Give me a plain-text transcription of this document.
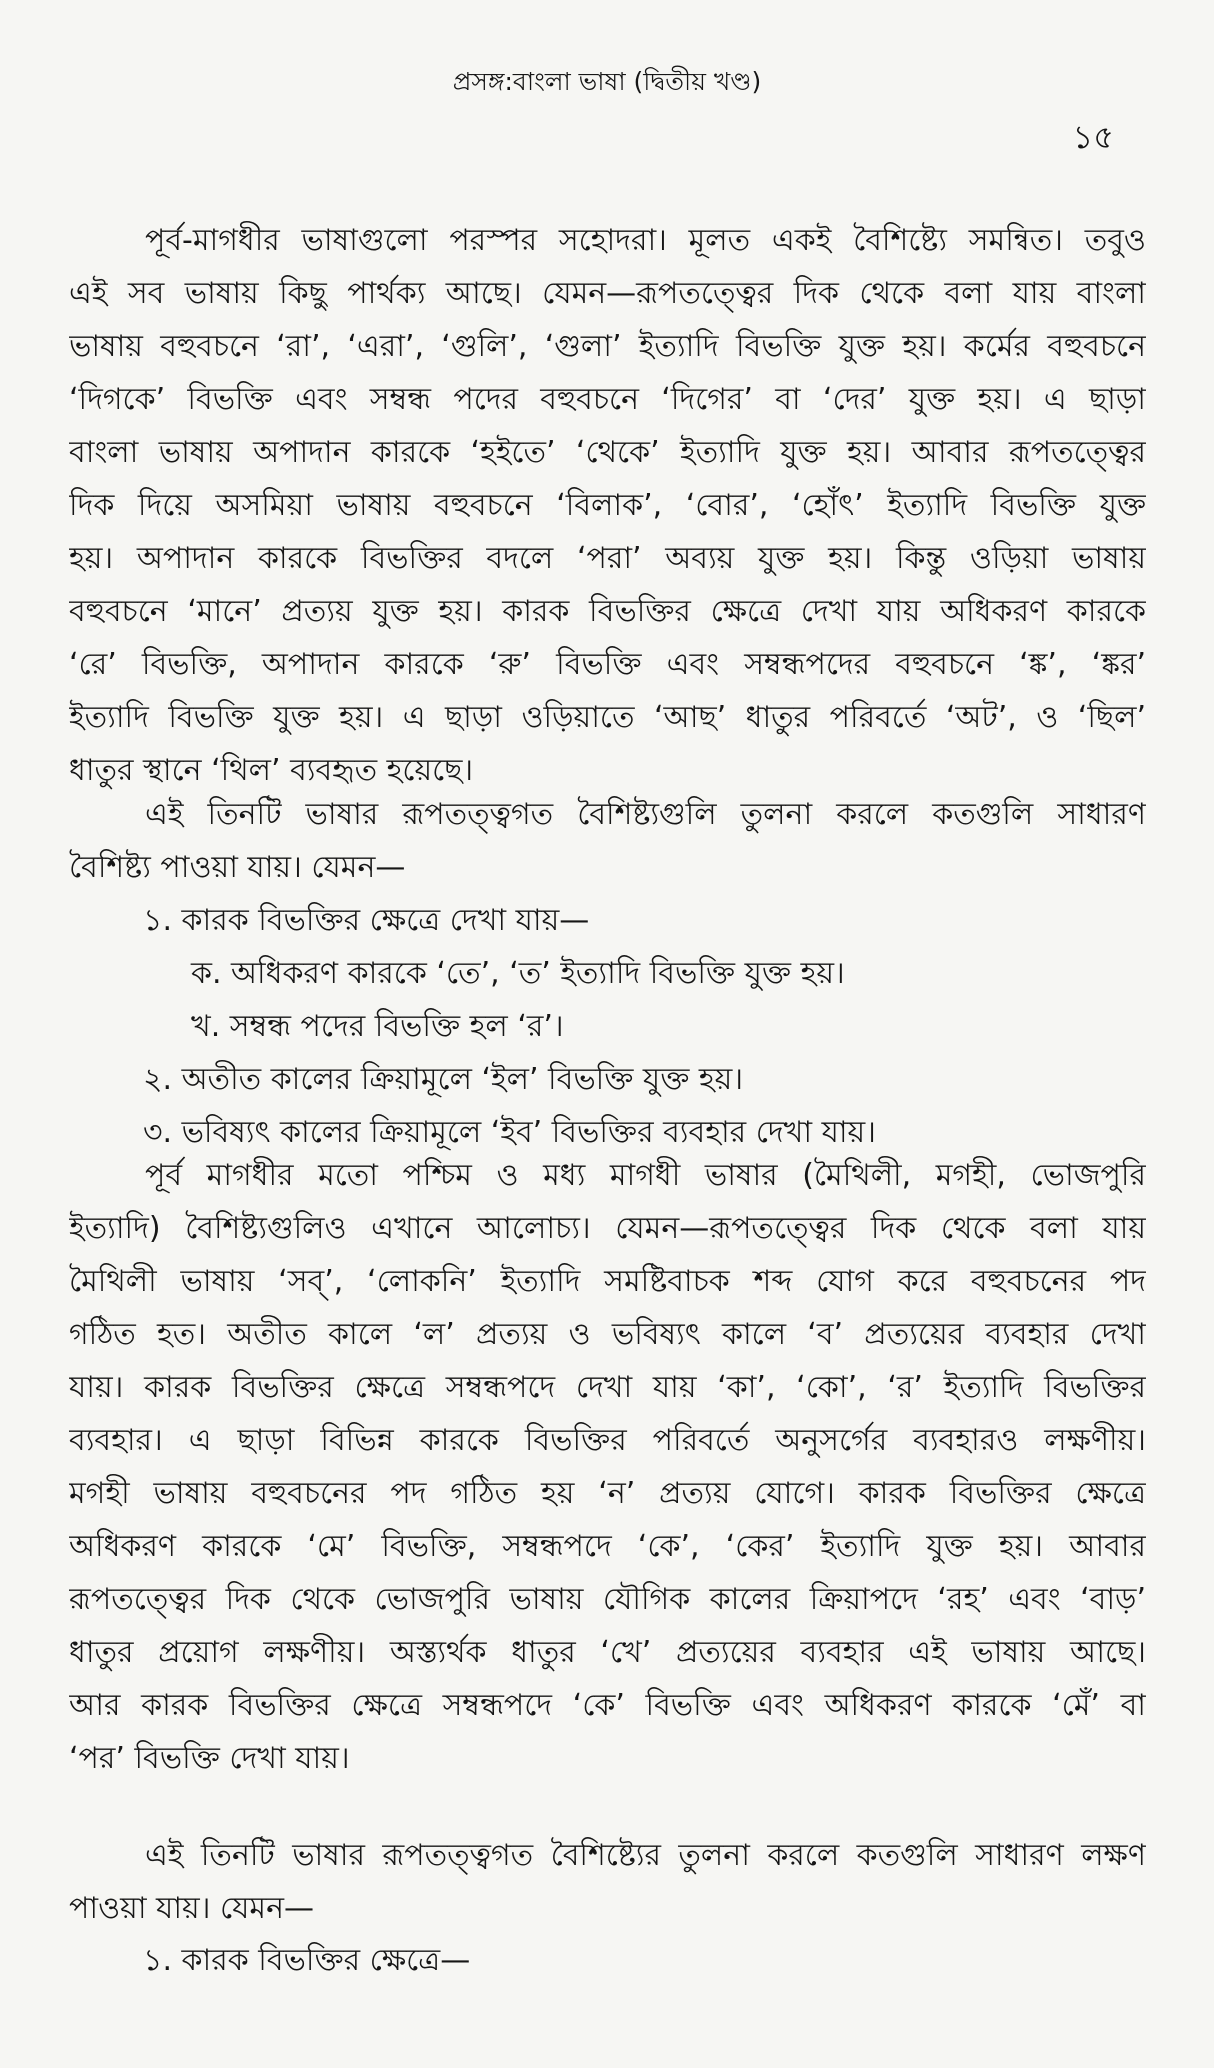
প্রসঙ্গ:বাংলা ভাষা (দ্বিতীয় খণ্ড)
১৫
পূর্ব-মাগধীর ভাষাগুলো পরস্পর সহোদরা। মূলত একই বৈশিষ্ট্যে সমন্বিত। তবুও
এই সব ভাষায় কিছু পার্থক্য আছে। যেমন—রূপতত্ত্বের দিক থেকে বলা যায় বাংলা
ভাষায় বহুবচনে ‘রা’, ‘এরা’, ‘গুলি’, ‘গুলা’ ইত্যাদি বিভক্তি যুক্ত হয়। কর্মের বহুবচনে
‘দিগকে’ বিভক্তি এবং সম্বন্ধ পদের বহুবচনে ‘দিগের’ বা ‘দের’ যুক্ত হয়। এ ছাড়া
বাংলা ভাষায় অপাদান কারকে ‘হইতে’ ‘থেকে’ ইত্যাদি যুক্ত হয়। আবার রূপতত্ত্বের
দিক দিয়ে অসমিয়া ভাষায় বহুবচনে ‘বিলাক’, ‘বোর’, ‘হোঁৎ’ ইত্যাদি বিভক্তি যুক্ত
হয়। অপাদান কারকে বিভক্তির বদলে ‘পরা’ অব্যয় যুক্ত হয়। কিন্তু ওড়িয়া ভাষায়
বহুবচনে ‘মানে’ প্রত্যয় যুক্ত হয়। কারক বিভক্তির ক্ষেত্রে দেখা যায় অধিকরণ কারকে
‘রে’ বিভক্তি, অপাদান কারকে ‘রু’ বিভক্তি এবং সম্বন্ধপদের বহুবচনে ‘ঙ্ক’, ‘ঙ্কর’
ইত্যাদি বিভক্তি যুক্ত হয়। এ ছাড়া ওড়িয়াতে ‘আছ’ ধাতুর পরিবর্তে ‘অট’, ও ‘ছিল’
ধাতুর স্থানে ‘থিল’ ব্যবহৃত হয়েছে।
এই তিনটি ভাষার রূপতত্ত্বগত বৈশিষ্ট্যগুলি তুলনা করলে কতগুলি সাধারণ
বৈশিষ্ট্য পাওয়া যায়। যেমন—
১. কারক বিভক্তির ক্ষেত্রে দেখা যায়—
ক. অধিকরণ কারকে ‘তে’, ‘ত’ ইত্যাদি বিভক্তি যুক্ত হয়।
খ. সম্বন্ধ পদের বিভক্তি হল ‘র’।
২. অতীত কালের ক্রিয়ামূলে ‘ইল’ বিভক্তি যুক্ত হয়।
৩. ভবিষ্যৎ কালের ক্রিয়ামূলে ‘ইব’ বিভক্তির ব্যবহার দেখা যায়।
পূর্ব মাগধীর মতো পশ্চিম ও মধ্য মাগধী ভাষার (মৈথিলী, মগহী, ভোজপুরি
ইত্যাদি) বৈশিষ্ট্যগুলিও এখানে আলোচ্য। যেমন—রূপতত্ত্বের দিক থেকে বলা যায়
মৈথিলী ভাষায় ‘সব্’, ‘লোকনি’ ইত্যাদি সমষ্টিবাচক শব্দ যোগ করে বহুবচনের পদ
গঠিত হত। অতীত কালে ‘ল’ প্রত্যয় ও ভবিষ্যৎ কালে ‘ব’ প্রত্যয়ের ব্যবহার দেখা
যায়। কারক বিভক্তির ক্ষেত্রে সম্বন্ধপদে দেখা যায় ‘কা’, ‘কো’, ‘র’ ইত্যাদি বিভক্তির
ব্যবহার। এ ছাড়া বিভিন্ন কারকে বিভক্তির পরিবর্তে অনুসর্গের ব্যবহারও লক্ষণীয়।
মগহী ভাষায় বহুবচনের পদ গঠিত হয় ‘ন’ প্রত্যয় যোগে। কারক বিভক্তির ক্ষেত্রে
অধিকরণ কারকে ‘মে’ বিভক্তি, সম্বন্ধপদে ‘কে’, ‘কের’ ইত্যাদি যুক্ত হয়। আবার
রূপতত্ত্বের দিক থেকে ভোজপুরি ভাষায় যৌগিক কালের ক্রিয়াপদে ‘রহ’ এবং ‘বাড়’
ধাতুর প্রয়োগ লক্ষণীয়। অস্ত্যর্থক ধাতুর ‘খে’ প্রত্যয়ের ব্যবহার এই ভাষায় আছে।
আর কারক বিভক্তির ক্ষেত্রে সম্বন্ধপদে ‘কে’ বিভক্তি এবং অধিকরণ কারকে ‘মেঁ’ বা
‘পর’ বিভক্তি দেখা যায়।
এই তিনটি ভাষার রূপতত্ত্বগত বৈশিষ্ট্যের তুলনা করলে কতগুলি সাধারণ লক্ষণ
পাওয়া যায়। যেমন—
১. কারক বিভক্তির ক্ষেত্রে—
